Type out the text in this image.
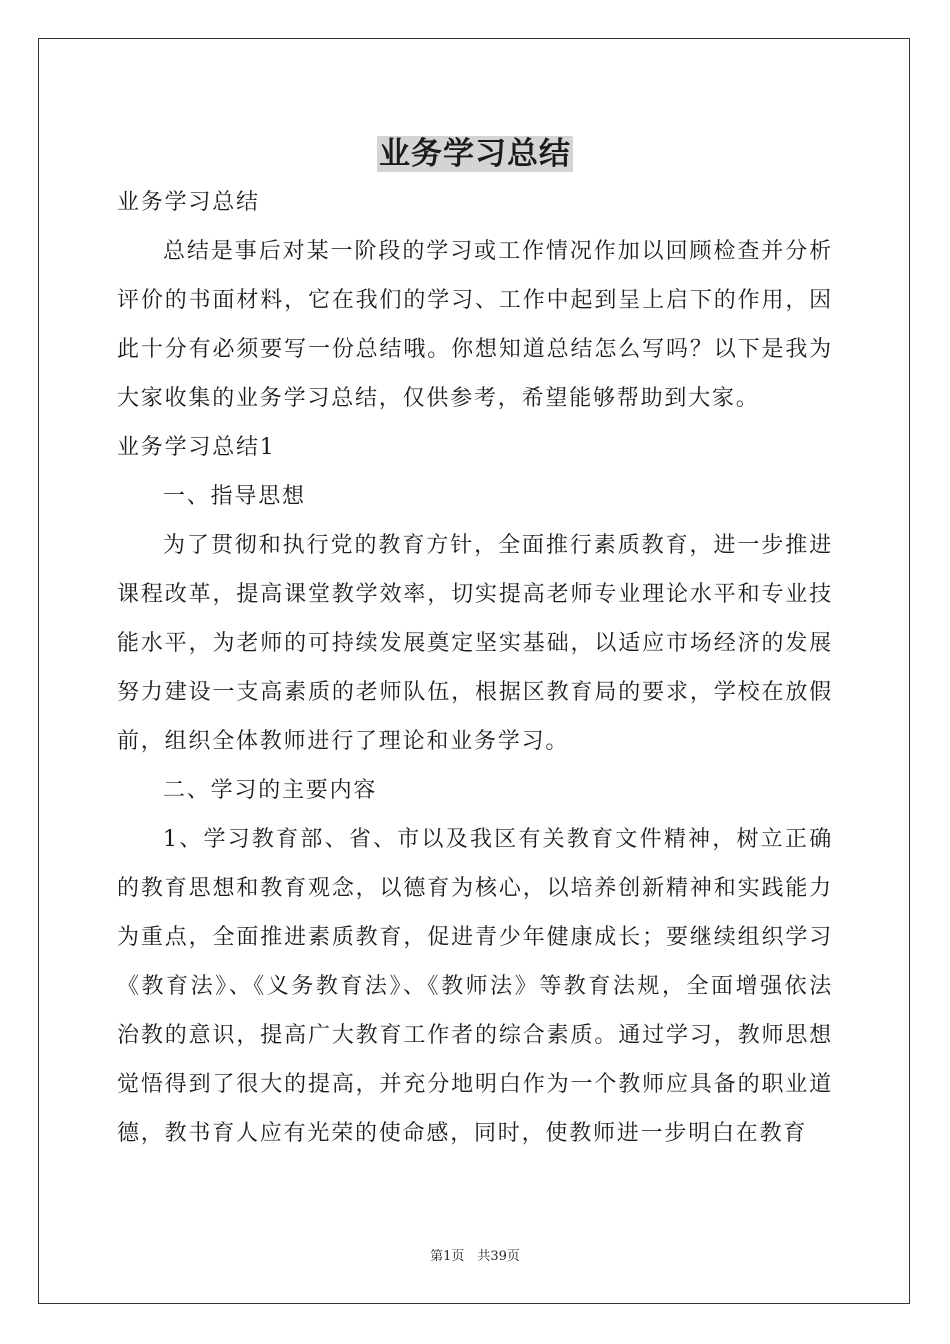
业务学习总结

业务学习总结

总结是事后对某一阶段的学习或工作情况作加以回顾检查并分析评价的书面材料，它在我们的学习、工作中起到呈上启下的作用，因此十分有必须要写一份总结哦。你想知道总结怎么写吗？以下是我为大家收集的业务学习总结，仅供参考，希望能够帮助到大家。

业务学习总结1

一、指导思想

为了贯彻和执行党的教育方针，全面推行素质教育，进一步推进课程改革，提高课堂教学效率，切实提高老师专业理论水平和专业技能水平，为老师的可持续发展奠定坚实基础，以适应市场经济的发展努力建设一支高素质的老师队伍，根据区教育局的要求，学校在放假前，组织全体教师进行了理论和业务学习。

二、学习的主要内容

1、学习教育部、省、市以及我区有关教育文件精神，树立正确的教育思想和教育观念，以德育为核心，以培养创新精神和实践能力为重点，全面推进素质教育，促进青少年健康成长；要继续组织学习《教育法》、《义务教育法》、《教师法》等教育法规，全面增强依法治教的意识，提高广大教育工作者的综合素质。通过学习，教师思想觉悟得到了很大的提高，并充分地明白作为一个教师应具备的职业道德，教书育人应有光荣的使命感，同时，使教师进一步明白在教育

第1页　共39页
